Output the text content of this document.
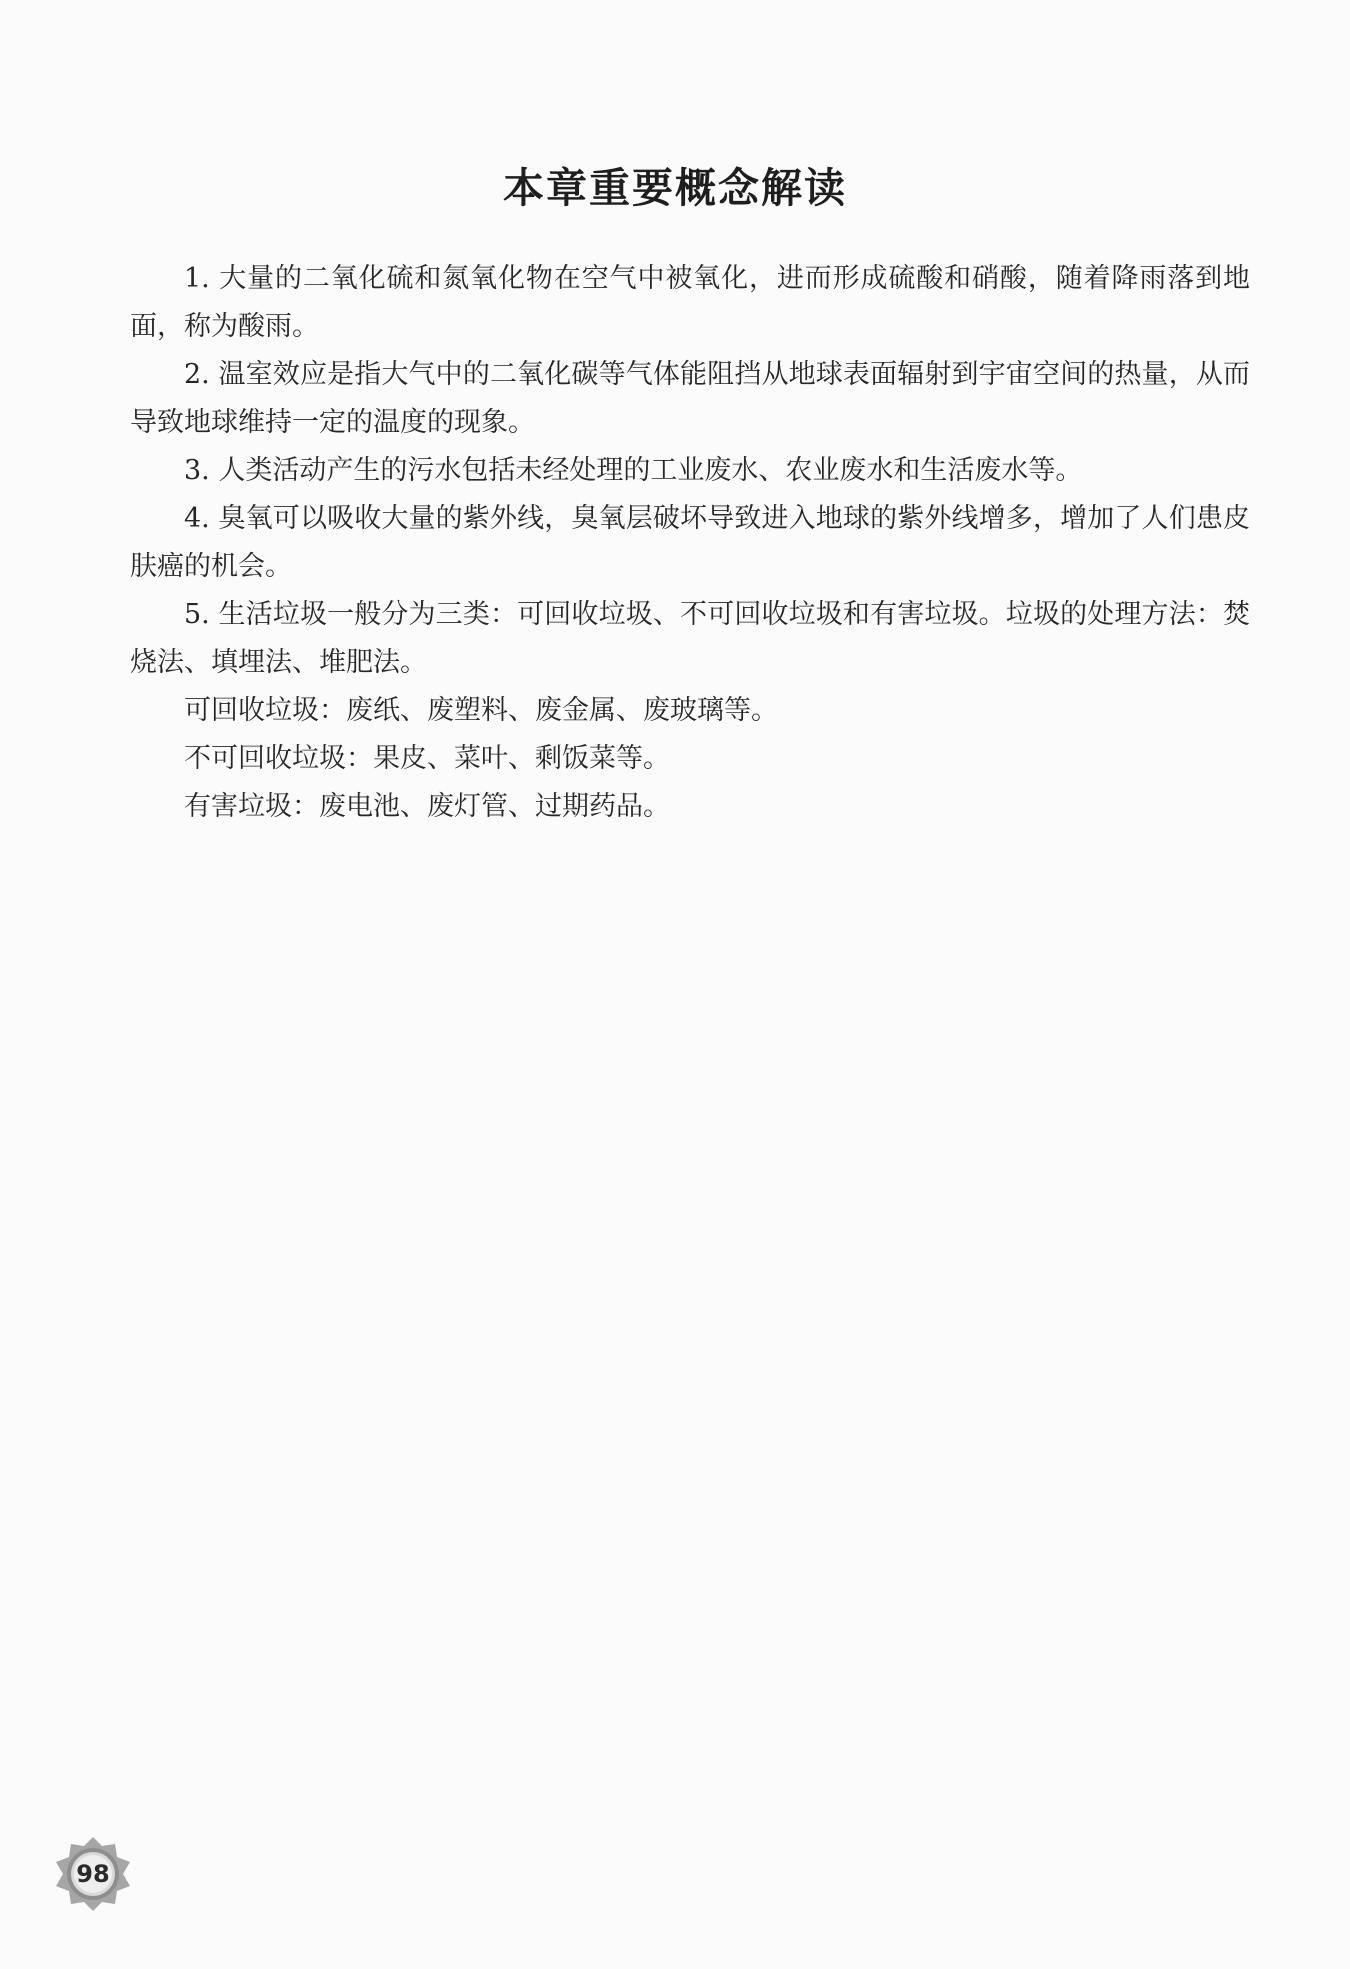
本章重要概念解读

1. 大量的二氧化硫和氮氧化物在空气中被氧化，进而形成硫酸和硝酸，随着降雨落到地面，称为酸雨。

2. 温室效应是指大气中的二氧化碳等气体能阻挡从地球表面辐射到宇宙空间的热量，从而导致地球维持一定的温度的现象。

3. 人类活动产生的污水包括未经处理的工业废水、农业废水和生活废水等。

4. 臭氧可以吸收大量的紫外线，臭氧层破坏导致进入地球的紫外线增多，增加了人们患皮肤癌的机会。

5. 生活垃圾一般分为三类：可回收垃圾、不可回收垃圾和有害垃圾。垃圾的处理方法：焚烧法、填埋法、堆肥法。

可回收垃圾：废纸、废塑料、废金属、废玻璃等。

不可回收垃圾：果皮、菜叶、剩饭菜等。

有害垃圾：废电池、废灯管、过期药品。

98
